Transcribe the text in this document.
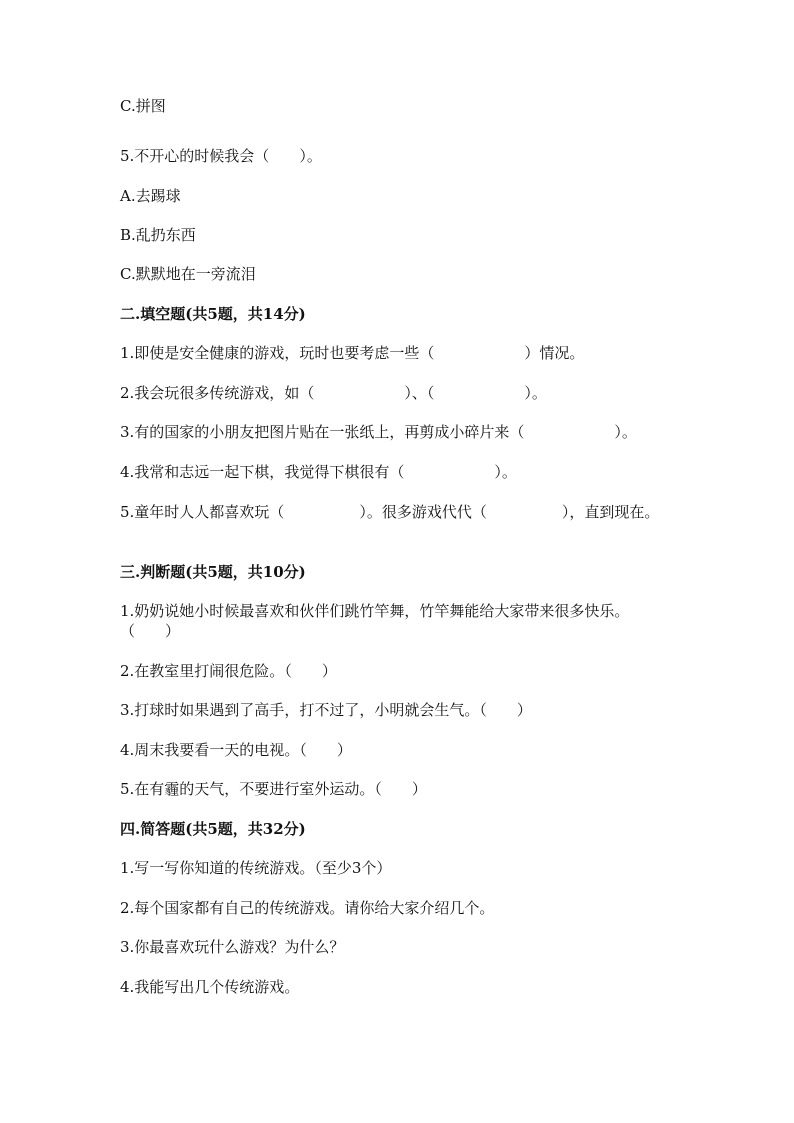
C.拼图
5.不开心的时候我会（　　）。
A.去踢球
B.乱扔东西
C.默默地在一旁流泪
二.填空题(共5题，共14分)
1.即使是安全健康的游戏，玩时也要考虑一些（　　　　　　）情况。
2.我会玩很多传统游戏，如（　　　　　　）、（　　　　　　）。
3.有的国家的小朋友把图片贴在一张纸上，再剪成小碎片来（　　　　　　）。
4.我常和志远一起下棋，我觉得下棋很有（　　　　　　）。
5.童年时人人都喜欢玩（　　　　　）。很多游戏代代（　　　　　），直到现在。
三.判断题(共5题，共10分)
1.奶奶说她小时候最喜欢和伙伴们跳竹竿舞，竹竿舞能给大家带来很多快乐。（　　）
2.在教室里打闹很危险。（　　）
3.打球时如果遇到了高手，打不过了，小明就会生气。（　　）
4.周末我要看一天的电视。（　　）
5.在有霾的天气，不要进行室外运动。（　　）
四.简答题(共5题，共32分)
1.写一写你知道的传统游戏。（至少3个）
2.每个国家都有自己的传统游戏。请你给大家介绍几个。
3.你最喜欢玩什么游戏？为什么？
4.我能写出几个传统游戏。
